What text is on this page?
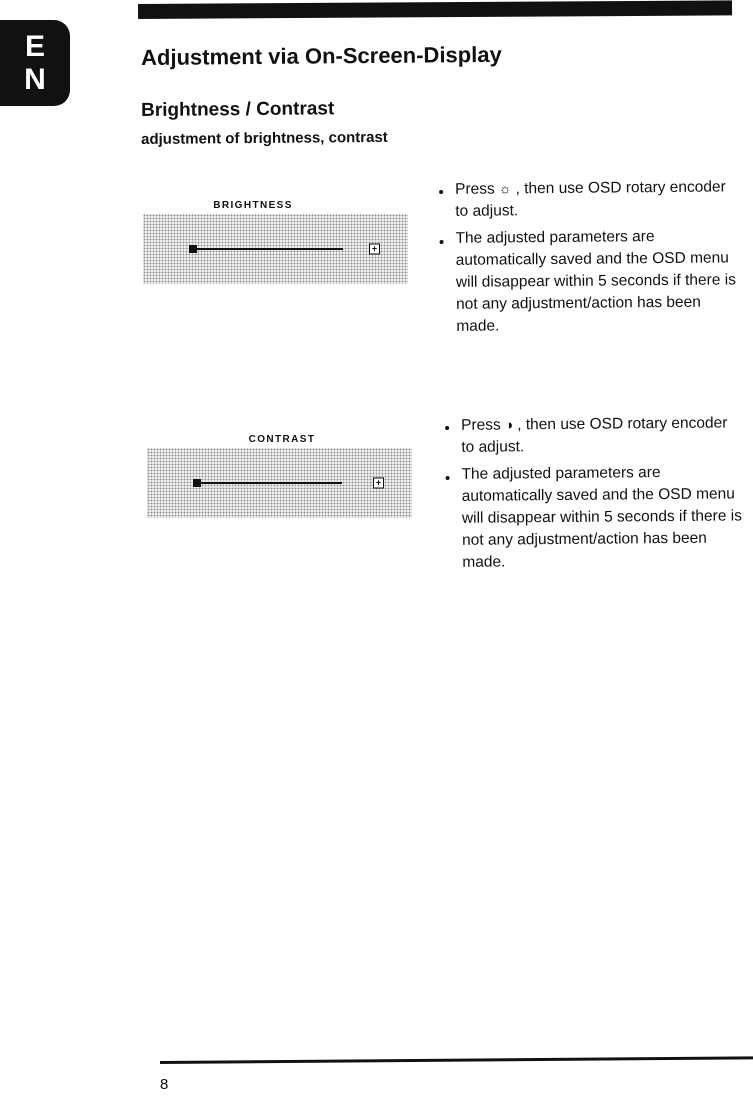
E
N
Adjustment via On-Screen-Display
Brightness / Contrast
adjustment of brightness, contrast
BRIGHTNESS
+
Press ☼ , then use OSD rotary encoder to adjust.
The adjusted parameters are automatically saved and the OSD menu will disappear within 5 seconds if there is not any adjustment/action has been made.
CONTRAST
+
Press ◑ , then use OSD rotary encoder to adjust.
The adjusted parameters are automatically saved and the OSD menu will disappear within 5 seconds if there is not any adjustment/action has been made.
8
